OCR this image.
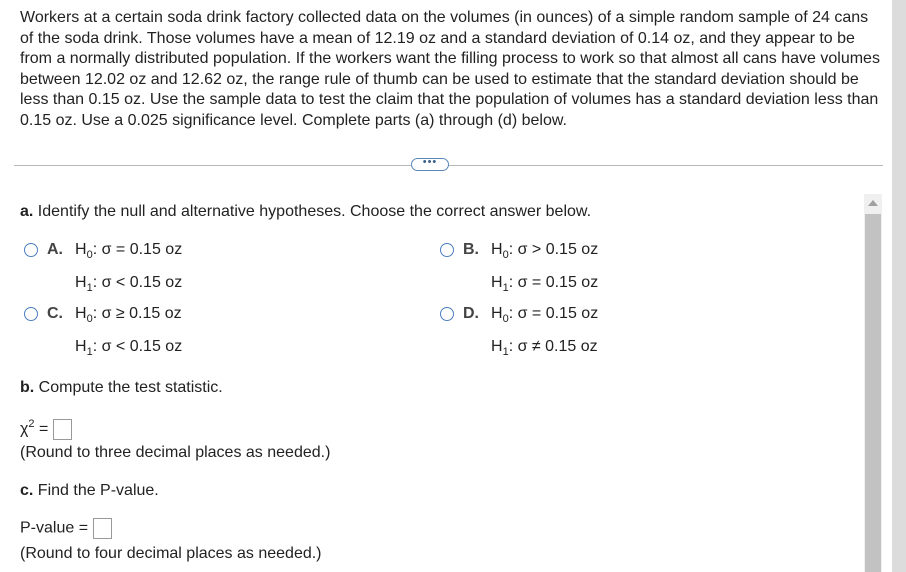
Workers at a certain soda drink factory collected data on the volumes (in ounces) of a simple random sample of 24 cans of the soda drink. Those volumes have a mean of 12.19 oz and a standard deviation of 0.14 oz, and they appear to be from a normally distributed population. If the workers want the filling process to work so that almost all cans have volumes between 12.02 oz and 12.62 oz, the range rule of thumb can be used to estimate that the standard deviation should be less than 0.15 oz. Use the sample data to test the claim that the population of volumes has a standard deviation less than 0.15 oz. Use a 0.025 significance level. Complete parts (a) through (d) below.
•••
a. Identify the null and alternative hypotheses. Choose the correct answer below.
A. $H_0$: σ = 0.15 oz
$H_1$: σ < 0.15 oz
B. $H_0$: σ > 0.15 oz
$H_1$: σ = 0.15 oz
C. $H_0$: σ ≥ 0.15 oz
$H_1$: σ < 0.15 oz
D. $H_0$: σ = 0.15 oz
$H_1$: σ ≠ 0.15 oz
b. Compute the test statistic.
$\chi^2$ =
(Round to three decimal places as needed.)
c. Find the P-value.
P-value =
(Round to four decimal places as needed.)
